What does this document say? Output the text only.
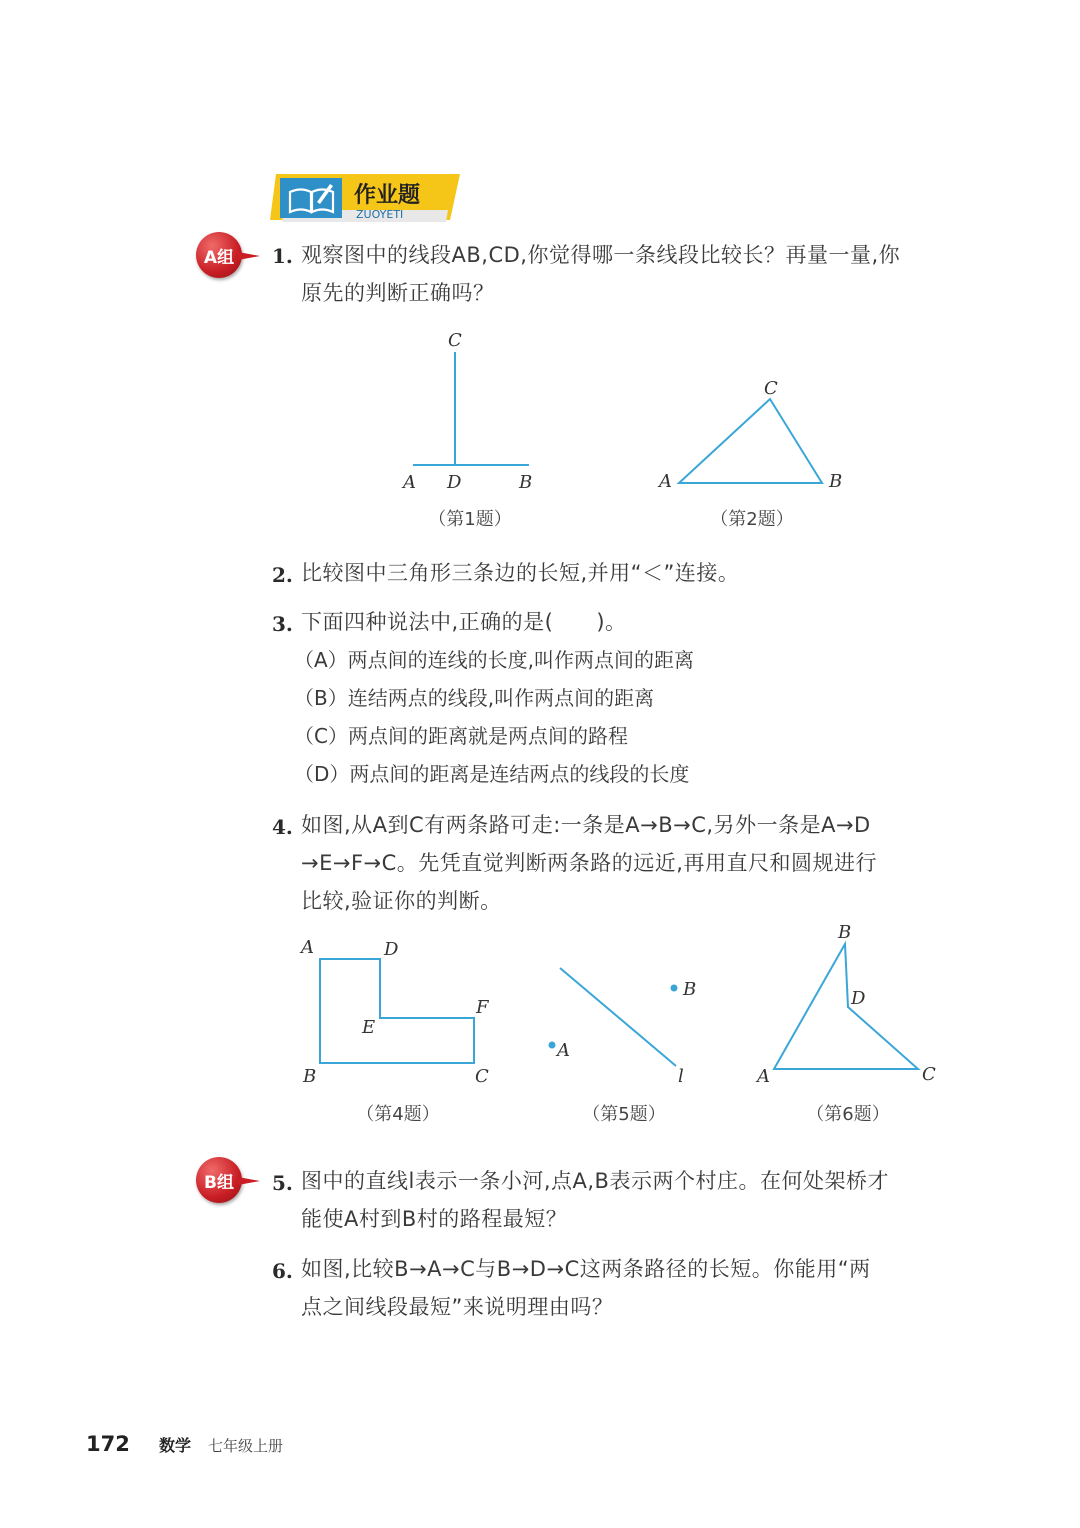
作业题
ZUOYETI
A组	1. 观察图中的线段AB,CD,你觉得哪一条线段比较长？再量一量,你
原先的判断正确吗？
C
A D	B
C
A	B
（第1题）	（第2题）
2. 比较图中三角形三条边的长短,并用“＜”连接。
3. 下面四种说法中,正确的是(　　)。
（A）两点间的连线的长度,叫作两点间的距离
（B）连结两点的线段,叫作两点间的距离
（C）两点间的距离就是两点间的路程
（D）两点间的距离是连结两点的线段的长度
4. 如图,从A到C有两条路可走:一条是A→B→C,另外一条是A→D
→E→F→C。先凭直觉判断两条路的远近,再用直尺和圆规进行
比较,验证你的判断。
A	D
F
E
B	C
A
B
l
B
D
A	C
（第4题）	（第5题）	（第6题）
B组	5. 图中的直线l表示一条小河,点A,B表示两个村庄。在何处架桥才
能使A村到B村的路程最短？
6. 如图,比较B→A→C与B→D→C这两条路径的长短。你能用“两
点之间线段最短”来说明理由吗？
172 数学 七年级上册
